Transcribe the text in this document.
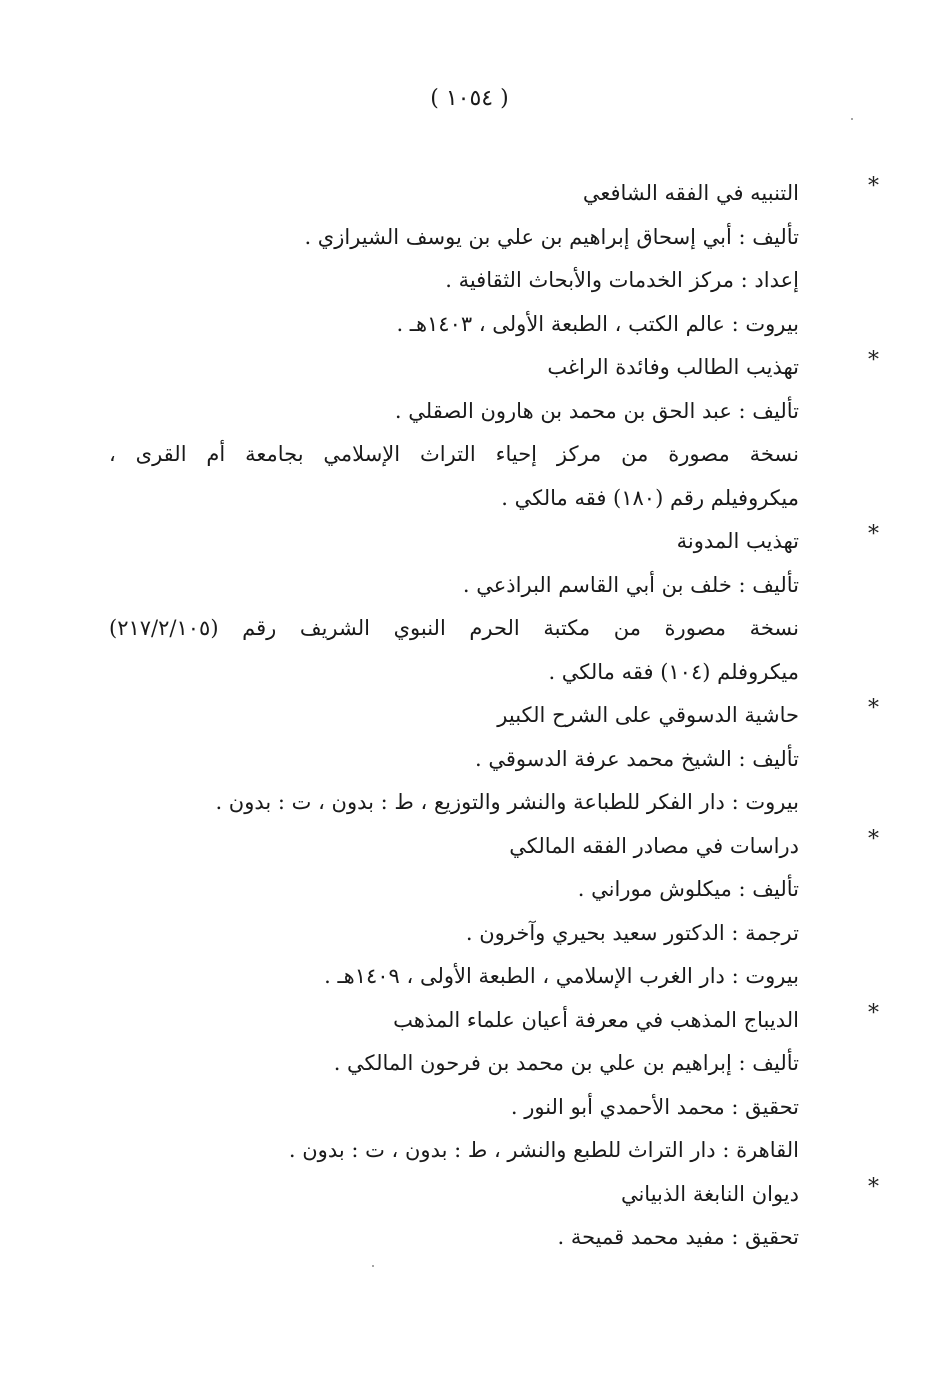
( ١٠٥٤ )
*
التنبيه في الفقه الشافعي
تأليف : أبي إسحاق إبراهيم بن علي بن يوسف الشيرازي .
إعداد : مركز الخدمات والأبحاث الثقافية .
بيروت : عالم الكتب ، الطبعة الأولى ، ١٤٠٣هـ .
*
تهذيب الطالب وفائدة الراغب
تأليف : عبد الحق بن محمد بن هارون الصقلي .
نسخة مصورة من مركز إحياء التراث الإسلامي بجامعة أم القرى ،
ميكروفيلم رقم (١٨٠) فقه مالكي .
*
تهذيب المدونة
تأليف : خلف بن أبي القاسم البراذعي .
نسخة مصورة من مكتبة الحرم النبوي الشريف رقم (٢١٧/٢/١٠٥)
ميكروفلم (١٠٤) فقه مالكي .
*
حاشية الدسوقي على الشرح الكبير
تأليف : الشيخ محمد عرفة الدسوقي .
بيروت : دار الفكر للطباعة والنشر والتوزيع ، ط : بدون ، ت : بدون .
*
دراسات في مصادر الفقه المالكي
تأليف : ميكلوش موراني .
ترجمة : الدكتور سعيد بحيري وآخرون .
بيروت : دار الغرب الإسلامي ، الطبعة الأولى ، ١٤٠٩هـ .
*
الديباج المذهب في معرفة أعيان علماء المذهب
تأليف : إبراهيم بن علي بن محمد بن فرحون المالكي .
تحقيق : محمد الأحمدي أبو النور .
القاهرة : دار التراث للطبع والنشر ، ط : بدون ، ت : بدون .
*
ديوان النابغة الذبياني
تحقيق : مفيد محمد قميحة .
